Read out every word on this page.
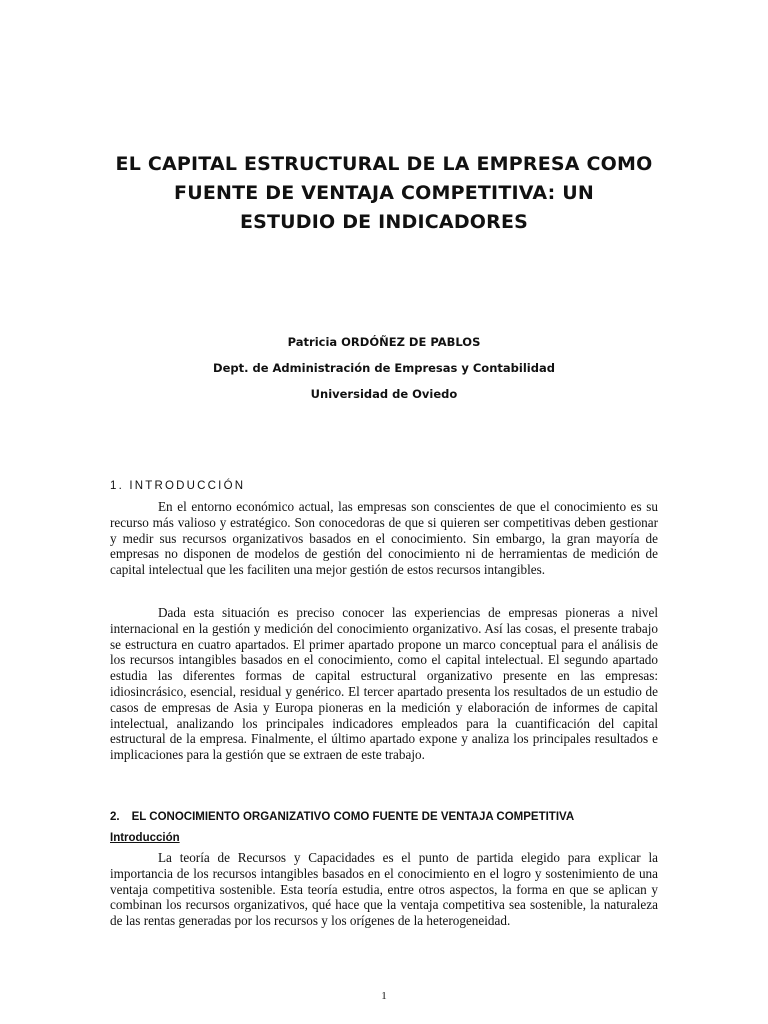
EL CAPITAL ESTRUCTURAL DE LA EMPRESA COMO
FUENTE DE VENTAJA COMPETITIVA: UN
ESTUDIO DE INDICADORES
Patricia ORDÓÑEZ DE PABLOS
Dept. de Administración de Empresas y Contabilidad
Universidad de Oviedo
1. INTRODUCCIÓN

En el entorno económico actual, las empresas son conscientes de que el conocimiento es su recurso más valioso y estratégico. Son conocedoras de que si quieren ser competitivas deben gestionar y medir sus recursos organizativos basados en el conocimiento. Sin embargo, la gran mayoría de empresas no disponen de modelos de gestión del conocimiento ni de herramientas de medición de capital intelectual que les faciliten una mejor gestión de estos recursos intangibles.

Dada esta situación es preciso conocer las experiencias de empresas pioneras a nivel internacional en la gestión y medición del conocimiento organizativo. Así las cosas, el presente trabajo se estructura en cuatro apartados. El primer apartado propone un marco conceptual para el análisis de los recursos intangibles basados en el conocimiento, como el capital intelectual. El segundo apartado estudia las diferentes formas de capital estructural organizativo presente en las empresas: idiosincrásico, esencial, residual y genérico. El tercer apartado presenta los resultados de un estudio de casos de empresas de Asia y Europa pioneras en la medición y elaboración de informes de capital intelectual, analizando los principales indicadores empleados para la cuantificación del capital estructural de la empresa. Finalmente, el último apartado expone y analiza los principales resultados e implicaciones para la gestión que se extraen de este trabajo.

2. EL CONOCIMIENTO ORGANIZATIVO COMO FUENTE DE VENTAJA COMPETITIVA
Introducción

La teoría de Recursos y Capacidades es el punto de partida elegido para explicar la importancia de los recursos intangibles basados en el conocimiento en el logro y sostenimiento de una ventaja competitiva sostenible. Esta teoría estudia, entre otros aspectos, la forma en que se aplican y combinan los recursos organizativos, qué hace que la ventaja competitiva sea sostenible, la naturaleza de las rentas generadas por los recursos y los orígenes de la heterogeneidad.

1
